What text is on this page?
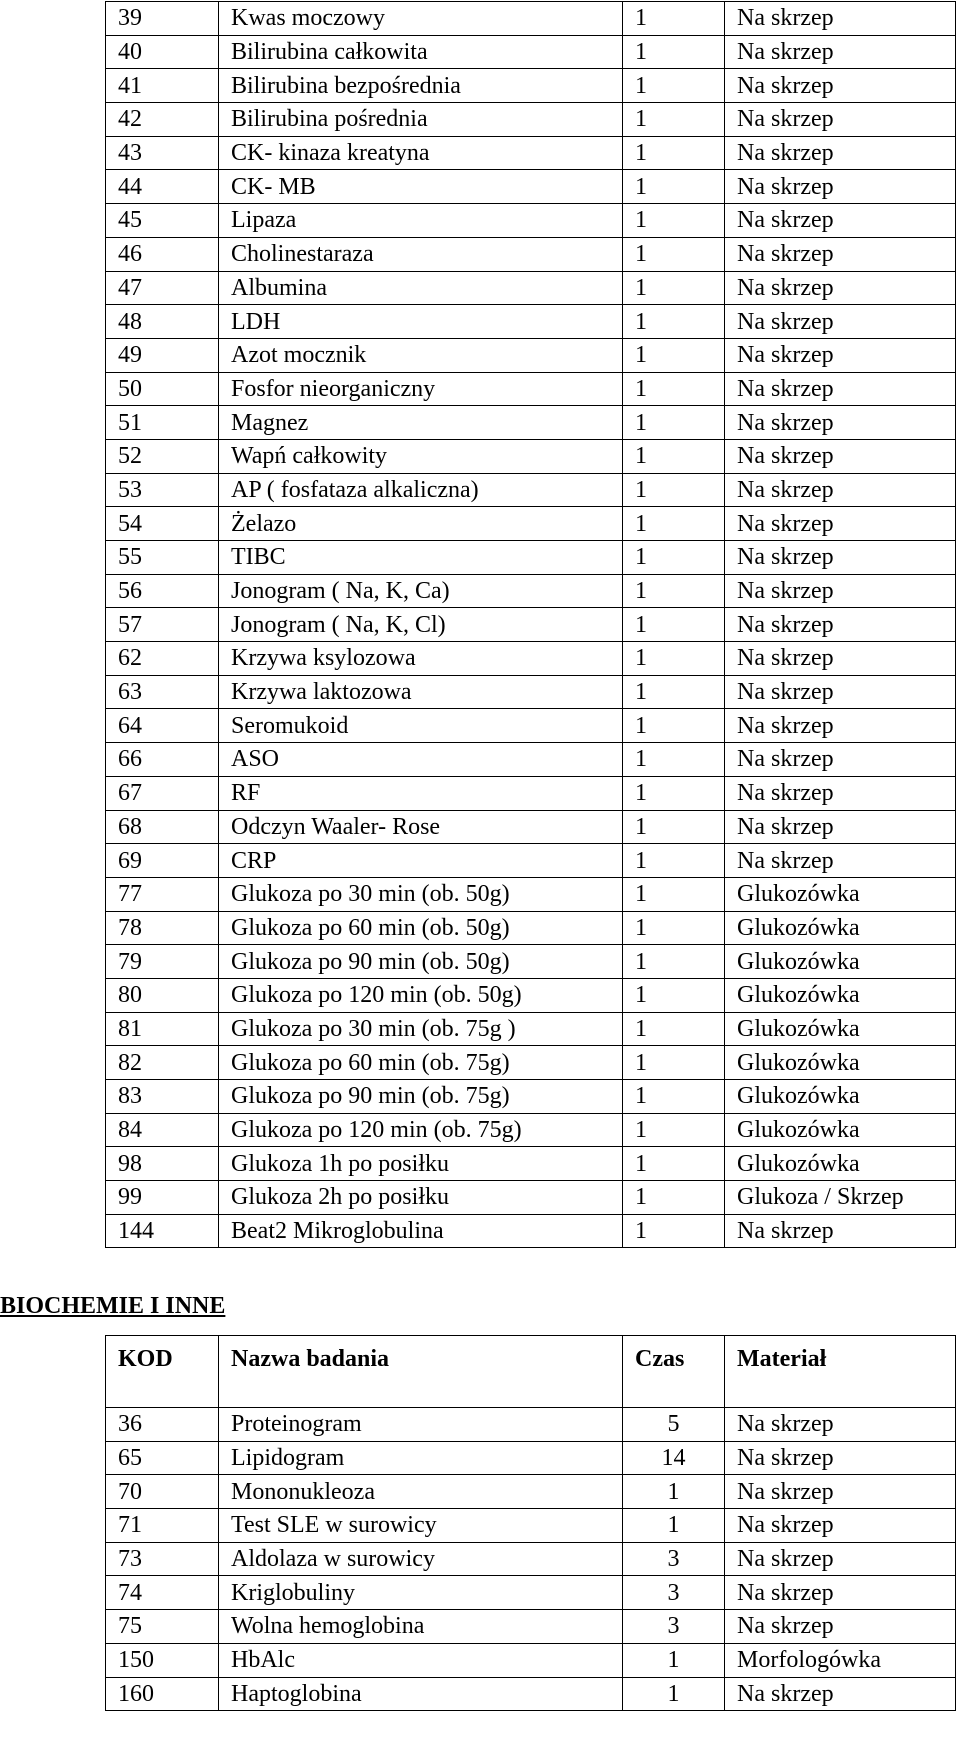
39	Kwas moczowy	1	Na skrzep
40	Bilirubina całkowita	1	Na skrzep
41	Bilirubina bezpośrednia	1	Na skrzep
42	Bilirubina pośrednia	1	Na skrzep
43	CK- kinaza kreatyna	1	Na skrzep
44	CK- MB	1	Na skrzep
45	Lipaza	1	Na skrzep
46	Cholinestaraza	1	Na skrzep
47	Albumina	1	Na skrzep
48	LDH	1	Na skrzep
49	Azot mocznik	1	Na skrzep
50	Fosfor nieorganiczny	1	Na skrzep
51	Magnez	1	Na skrzep
52	Wapń całkowity	1	Na skrzep
53	AP ( fosfataza alkaliczna)	1	Na skrzep
54	Żelazo	1	Na skrzep
55	TIBC	1	Na skrzep
56	Jonogram ( Na, K, Ca)	1	Na skrzep
57	Jonogram ( Na, K, Cl)	1	Na skrzep
62	Krzywa ksylozowa	1	Na skrzep
63	Krzywa laktozowa	1	Na skrzep
64	Seromukoid	1	Na skrzep
66	ASO	1	Na skrzep
67	RF	1	Na skrzep
68	Odczyn Waaler- Rose	1	Na skrzep
69	CRP	1	Na skrzep
77	Glukoza po 30 min (ob. 50g)	1	Glukozówka
78	Glukoza po 60 min (ob. 50g)	1	Glukozówka
79	Glukoza po 90 min (ob. 50g)	1	Glukozówka
80	Glukoza po 120 min (ob. 50g)	1	Glukozówka
81	Glukoza po 30 min (ob. 75g )	1	Glukozówka
82	Glukoza po 60 min (ob. 75g)	1	Glukozówka
83	Glukoza po 90 min (ob. 75g)	1	Glukozówka
84	Glukoza po 120 min (ob. 75g)	1	Glukozówka
98	Glukoza 1h po posiłku	1	Glukozówka
99	Glukoza 2h po posiłku	1	Glukoza / Skrzep
144	Beat2 Mikroglobulina	1	Na skrzep
BIOCHEMIE I INNE
KOD	Nazwa badania	Czas	Materiał
36	Proteinogram	5	Na skrzep
65	Lipidogram	14	Na skrzep
70	Mononukleoza	1	Na skrzep
71	Test SLE w surowicy	1	Na skrzep
73	Aldolaza w surowicy	3	Na skrzep
74	Kriglobuliny	3	Na skrzep
75	Wolna hemoglobina	3	Na skrzep
150	HbAlc	1	Morfologówka
160	Haptoglobina	1	Na skrzep
